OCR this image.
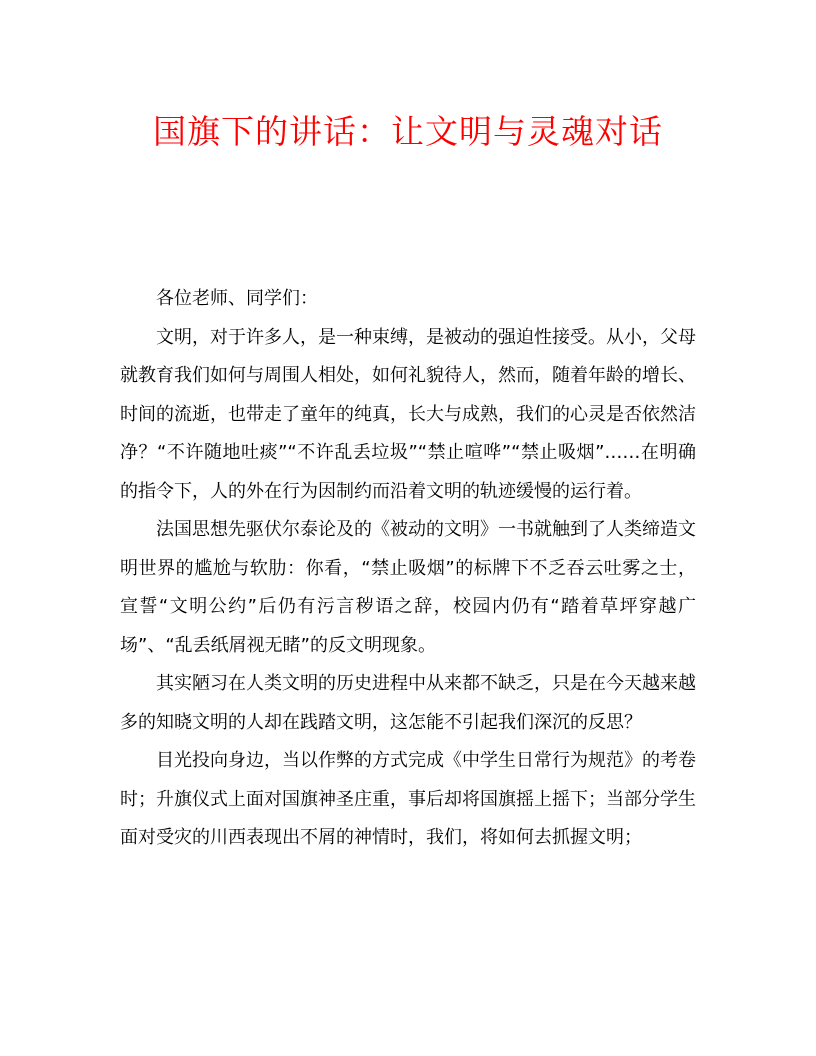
国旗下的讲话：让文明与灵魂对话

各位老师、同学们：

文明，对于许多人，是一种束缚，是被动的强迫性接受。从小，父母就教育我们如何与周围人相处，如何礼貌待人，然而，随着年龄的增长、时间的流逝，也带走了童年的纯真，长大与成熟，我们的心灵是否依然洁净？“不许随地吐痰”“不许乱丢垃圾”“禁止喧哗”“禁止吸烟”……在明确的指令下，人的外在行为因制约而沿着文明的轨迹缓慢的运行着。

法国思想先驱伏尔泰论及的《被动的文明》一书就触到了人类缔造文明世界的尴尬与软肋：你看，“禁止吸烟”的标牌下不乏吞云吐雾之士，宣誓“文明公约”后仍有污言秽语之辞，校园内仍有“踏着草坪穿越广场”、“乱丢纸屑视无睹”的反文明现象。

其实陋习在人类文明的历史进程中从来都不缺乏，只是在今天越来越多的知晓文明的人却在践踏文明，这怎能不引起我们深沉的反思？

目光投向身边，当以作弊的方式完成《中学生日常行为规范》的考卷时；升旗仪式上面对国旗神圣庄重，事后却将国旗摇上摇下；当部分学生面对受灾的川西表现出不屑的神情时，我们，将如何去抓握文明；
